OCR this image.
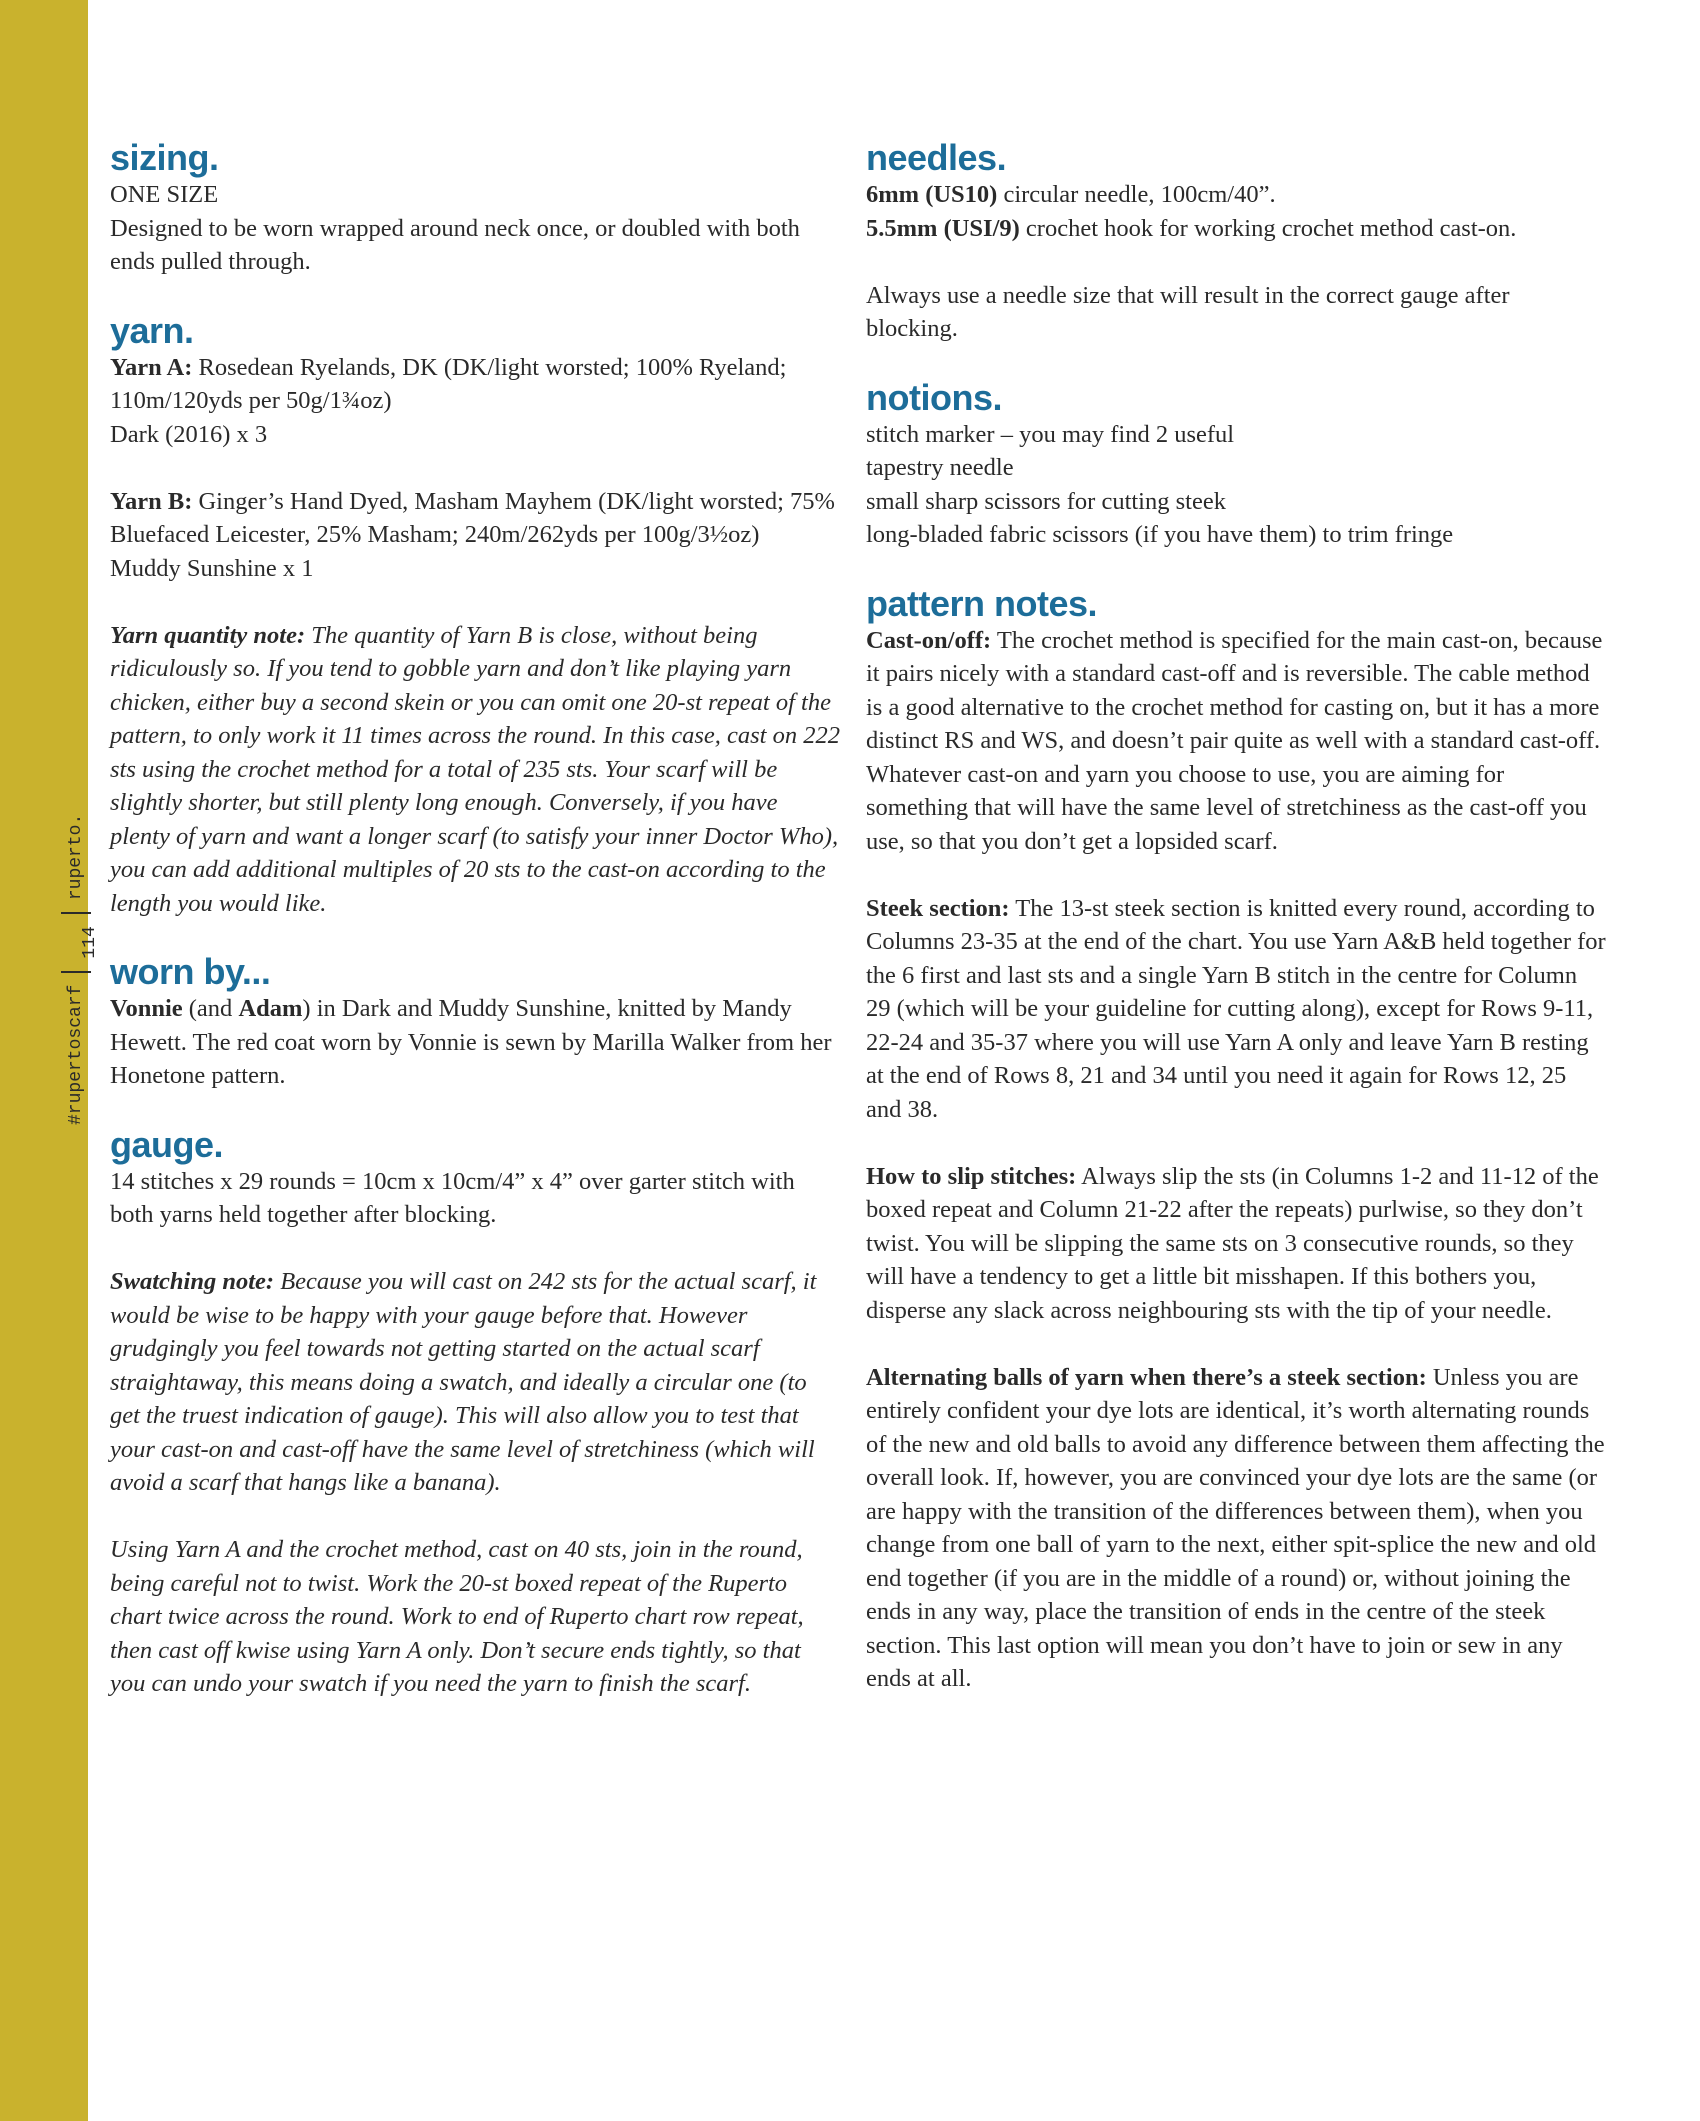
#rupertoscarf
114
ruperto.
sizing.

ONE SIZE

Designed to be worn wrapped around neck once, or doubled with both ends pulled through.

yarn.

Yarn A: Rosedean Ryelands, DK (DK/light worsted; 100% Ryeland; 110m/120yds per 50g/1¾oz)

Dark (2016) x 3

Yarn B: Ginger’s Hand Dyed, Masham Mayhem (DK/light worsted; 75% Bluefaced Leicester, 25% Masham; 240m/262yds per 100g/3½oz)

Muddy Sunshine x 1

Yarn quantity note: The quantity of Yarn B is close, without being ridiculously so. If you tend to gobble yarn and don’t like playing yarn chicken, either buy a second skein or you can omit one 20-st repeat of the pattern, to only work it 11 times across the round. In this case, cast on 222 sts using the crochet method for a total of 235 sts. Your scarf will be slightly shorter, but still plenty long enough. Conversely, if you have plenty of yarn and want a longer scarf (to satisfy your inner Doctor Who), you can add additional multiples of 20 sts to the cast-on according to the length you would like.

worn by...

Vonnie (and Adam) in Dark and Muddy Sunshine, knitted by Mandy Hewett. The red coat worn by Vonnie is sewn by Marilla Walker from her Honetone pattern.

gauge.

14 stitches x 29 rounds = 10cm x 10cm/4” x 4” over garter stitch with both yarns held together after blocking.

Swatching note: Because you will cast on 242 sts for the actual scarf, it would be wise to be happy with your gauge before that. However grudgingly you feel towards not getting started on the actual scarf straightaway, this means doing a swatch, and ideally a circular one (to get the truest indication of gauge). This will also allow you to test that your cast-on and cast-off have the same level of stretchiness (which will avoid a scarf that hangs like a banana).

Using Yarn A and the crochet method, cast on 40 sts, join in the round, being careful not to twist. Work the 20-st boxed repeat of the Ruperto chart twice across the round. Work to end of Ruperto chart row repeat, then cast off kwise using Yarn A only. Don’t secure ends tightly, so that you can undo your swatch if you need the yarn to finish the scarf.

needles.

6mm (US10) circular needle, 100cm/40”.

5.5mm (USI/9) crochet hook for working crochet method cast-on.

Always use a needle size that will result in the correct gauge after blocking.

notions.

stitch marker – you may find 2 useful

tapestry needle

small sharp scissors for cutting steek

long-bladed fabric scissors (if you have them) to trim fringe

pattern notes.

Cast-on/off: The crochet method is specified for the main cast-on, because it pairs nicely with a standard cast-off and is reversible. The cable method is a good alternative to the crochet method for casting on, but it has a more distinct RS and WS, and doesn’t pair quite as well with a standard cast-off. Whatever cast-on and yarn you choose to use, you are aiming for something that will have the same level of stretchiness as the cast-off you use, so that you don’t get a lopsided scarf.

Steek section: The 13-st steek section is knitted every round, according to Columns 23-35 at the end of the chart. You use Yarn A&B held together for the 6 first and last sts and a single Yarn B stitch in the centre for Column 29 (which will be your guideline for cutting along), except for Rows 9-11, 22-24 and 35-37 where you will use Yarn A only and leave Yarn B resting at the end of Rows 8, 21 and 34 until you need it again for Rows 12, 25 and 38.

How to slip stitches: Always slip the sts (in Columns 1-2 and 11-12 of the boxed repeat and Column 21-22 after the repeats) purlwise, so they don’t twist. You will be slipping the same sts on 3 consecutive rounds, so they will have a tendency to get a little bit misshapen. If this bothers you, disperse any slack across neighbouring sts with the tip of your needle.

Alternating balls of yarn when there’s a steek section: Unless you are entirely confident your dye lots are identical, it’s worth alternating rounds of the new and old balls to avoid any difference between them affecting the overall look. If, however, you are convinced your dye lots are the same (or are happy with the transition of the differences between them), when you change from one ball of yarn to the next, either spit-splice the new and old end together (if you are in the middle of a round) or, without joining the ends in any way, place the transition of ends in the centre of the steek section. This last option will mean you don’t have to join or sew in any ends at all.
